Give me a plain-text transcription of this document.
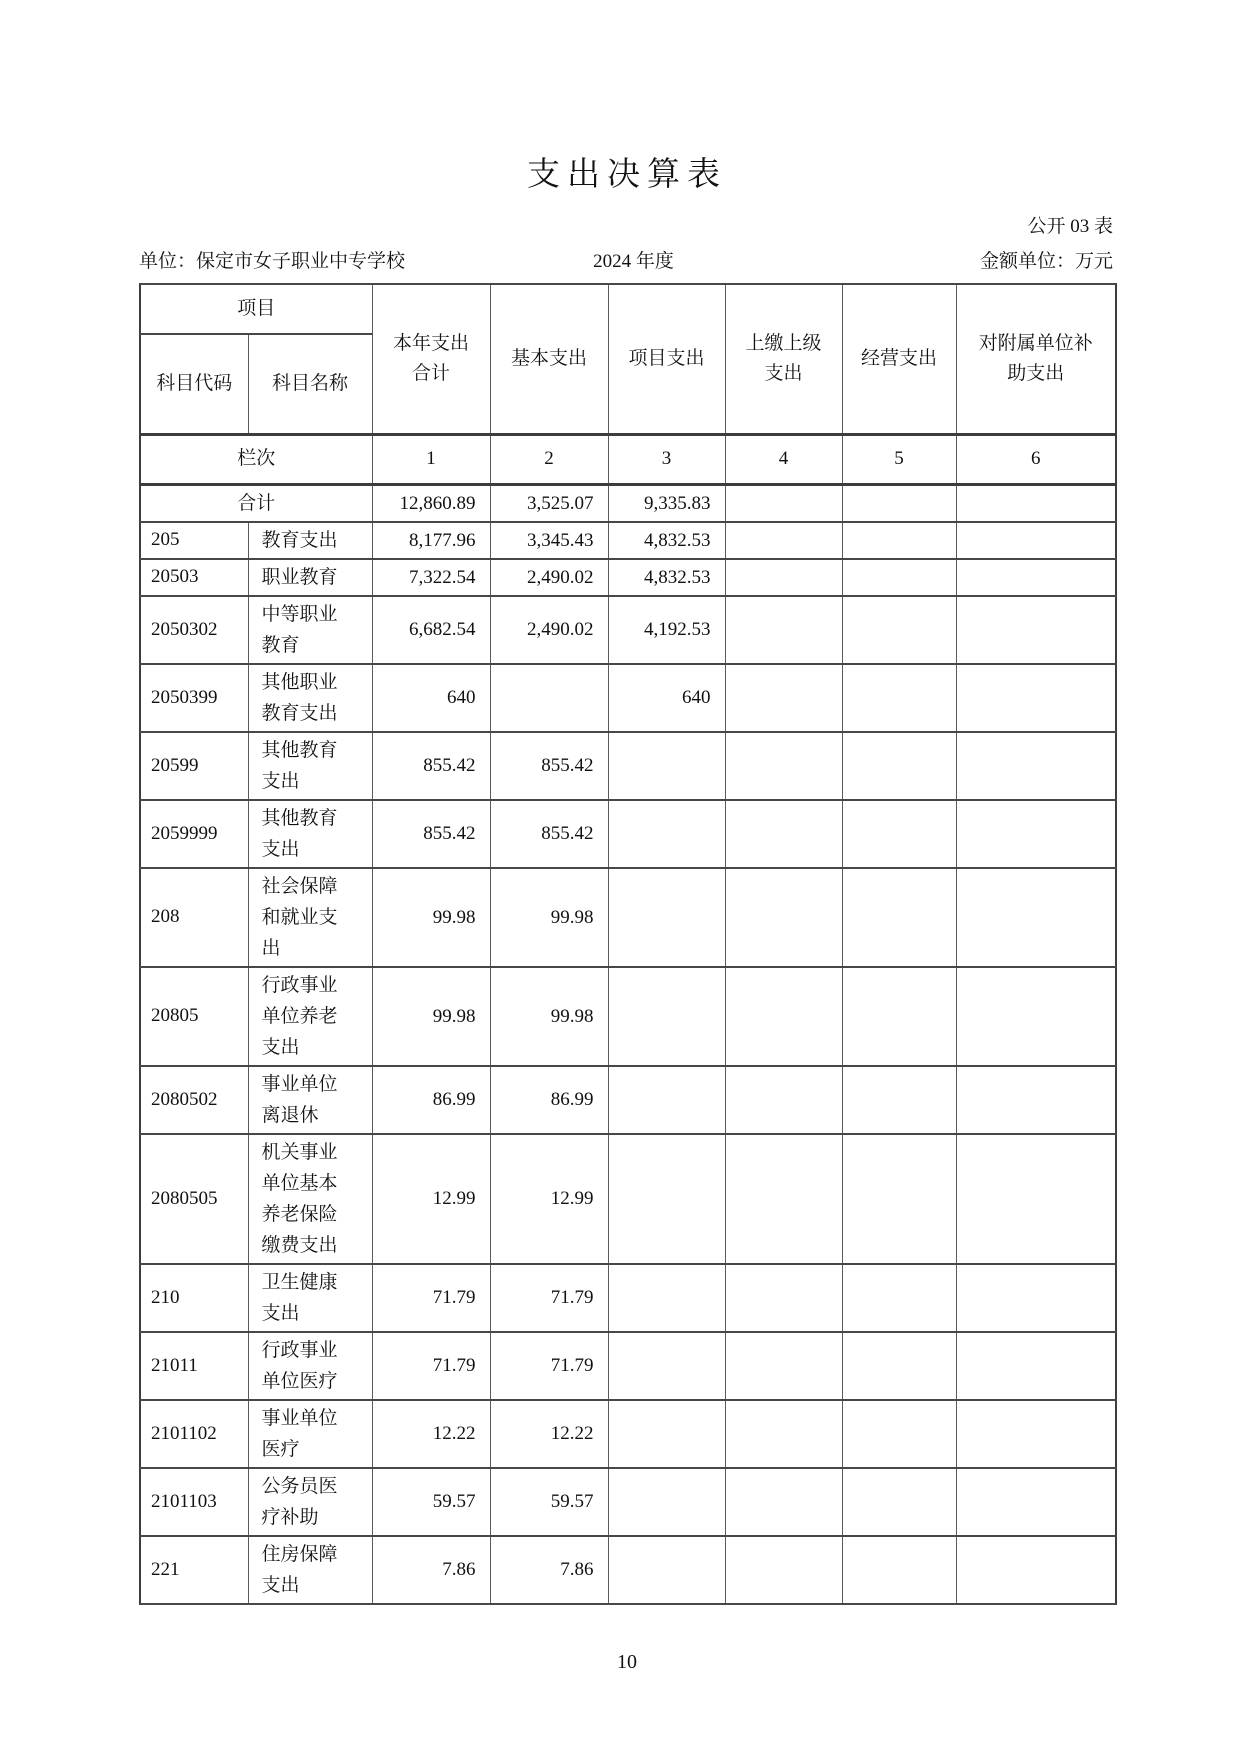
支出决算表
公开 03 表
单位：保定市女子职业中专学校	2024 年度	金额单位：万元
项目		本年支出合计	基本支出	项目支出	上缴上级支出	经营支出	对附属单位补助支出
科目代码	科目名称						
栏次		1	2	3	4	5	6
合计		12,860.89	3,525.07	9,335.83			
205	教育支出	8,177.96	3,345.43	4,832.53			
20503	职业教育	7,322.54	2,490.02	4,832.53			
2050302	中等职业教育	6,682.54	2,490.02	4,192.53			
2050399	其他职业教育支出	640		640			
20599	其他教育支出	855.42	855.42				
2059999	其他教育支出	855.42	855.42				
208	社会保障和就业支出	99.98	99.98				
20805	行政事业单位养老支出	99.98	99.98				
2080502	事业单位离退休	86.99	86.99				
2080505	机关事业单位基本养老保险缴费支出	12.99	12.99				
210	卫生健康支出	71.79	71.79				
21011	行政事业单位医疗	71.79	71.79				
2101102	事业单位医疗	12.22	12.22				
2101103	公务员医疗补助	59.57	59.57				
221	住房保障支出	7.86	7.86				
10
